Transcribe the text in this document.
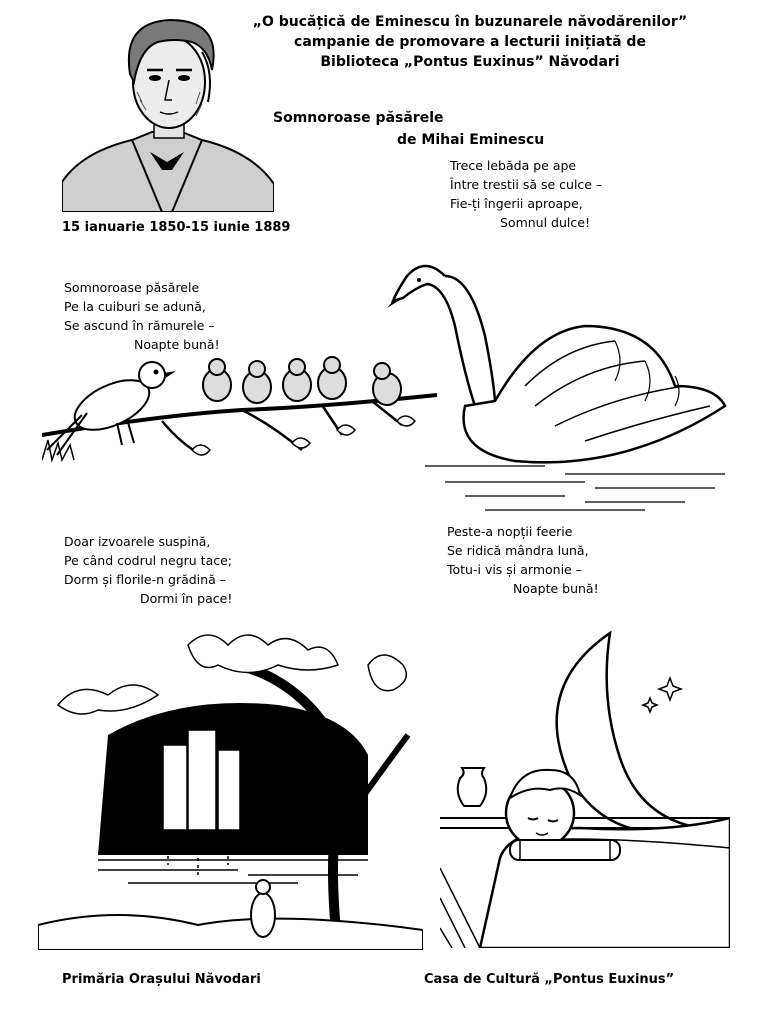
„O bucățică de Eminescu în buzunarele năvodărenilor”
campanie de promovare a lecturii inițiată de
Biblioteca „Pontus Euxinus” Năvodari
Somnoroase păsărele
de Mihai Eminescu
15 ianuarie 1850-15 iunie 1889
Trece lebăda pe ape
Între trestii să se culce –
Fie-ți îngerii aproape,
Somnul dulce!
Somnoroase păsărele
Pe la cuiburi se adună,
Se ascund în rămurele –
Noapte bună!
Doar izvoarele suspină,
Pe când codrul negru tace;
Dorm și florile-n grădină –
Dormi în pace!
Peste-a nopții feerie
Se ridică mândra lună,
Totu-i vis și armonie –
Noapte bună!
Primăria Orașului Năvodari	Casa de Cultură „Pontus Euxinus”
